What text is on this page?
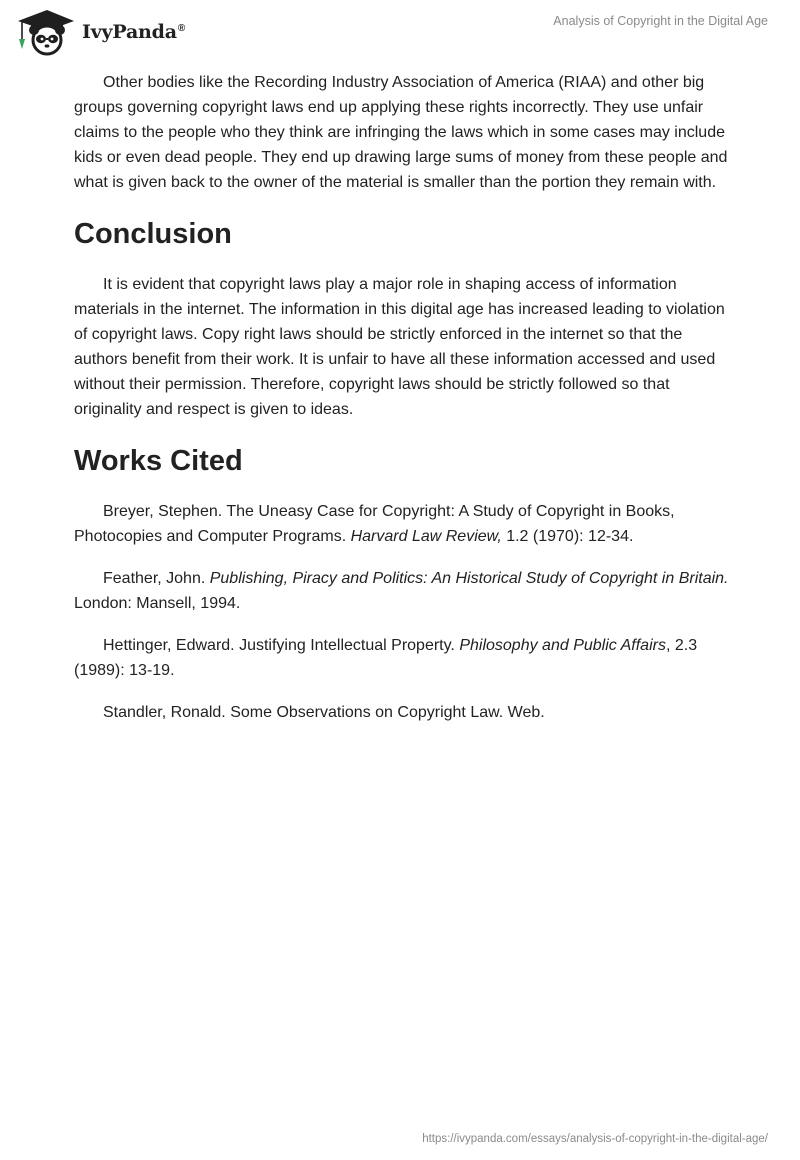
IvyPanda®
Analysis of Copyright in the Digital Age

Other bodies like the Recording Industry Association of America (RIAA) and other big groups governing copyright laws end up applying these rights incorrectly. They use unfair claims to the people who they think are infringing the laws which in some cases may include kids or even dead people. They end up drawing large sums of money from these people and what is given back to the owner of the material is smaller than the portion they remain with.

Conclusion

It is evident that copyright laws play a major role in shaping access of information materials in the internet. The information in this digital age has increased leading to violation of copyright laws. Copy right laws should be strictly enforced in the internet so that the authors benefit from their work. It is unfair to have all these information accessed and used without their permission. Therefore, copyright laws should be strictly followed so that originality and respect is given to ideas.

Works Cited

Breyer, Stephen. The Uneasy Case for Copyright: A Study of Copyright in Books, Photocopies and Computer Programs. Harvard Law Review, 1.2 (1970): 12-34.

Feather, John. Publishing, Piracy and Politics: An Historical Study of Copyright in Britain. London: Mansell, 1994.

Hettinger, Edward. Justifying Intellectual Property. Philosophy and Public Affairs, 2.3 (1989): 13-19.

Standler, Ronald. Some Observations on Copyright Law. Web.

https://ivypanda.com/essays/analysis-of-copyright-in-the-digital-age/
